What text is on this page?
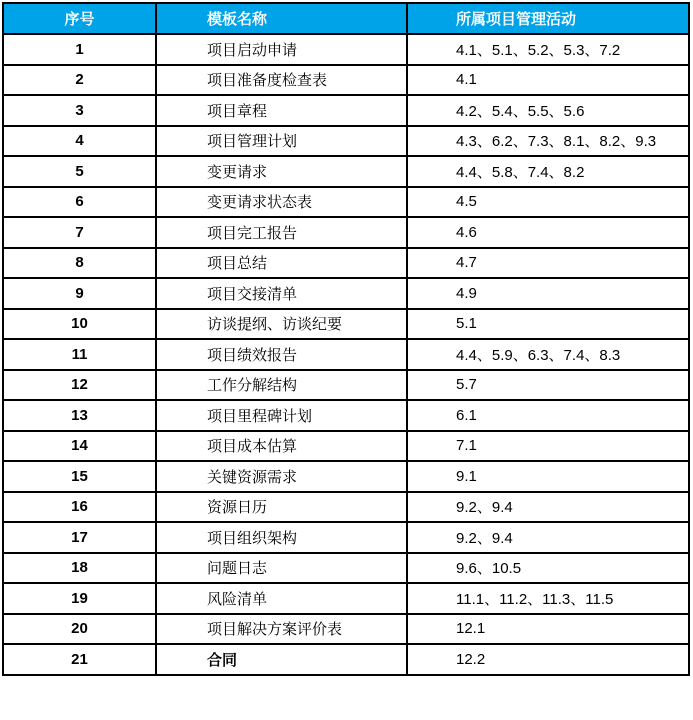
序号	模板名称	所属项目管理活动
1	项目启动申请	4.1、5.1、5.2、5.3、7.2
2	项目准备度检查表	4.1
3	项目章程	4.2、5.4、5.5、5.6
4	项目管理计划	4.3、6.2、7.3、8.1、8.2、9.3
5	变更请求	4.4、5.8、7.4、8.2
6	变更请求状态表	4.5
7	项目完工报告	4.6
8	项目总结	4.7
9	项目交接清单	4.9
10	访谈提纲、访谈纪要	5.1
11	项目绩效报告	4.4、5.9、6.3、7.4、8.3
12	工作分解结构	5.7
13	项目里程碑计划	6.1
14	项目成本估算	7.1
15	关键资源需求	9.1
16	资源日历	9.2、9.4
17	项目组织架构	9.2、9.4
18	问题日志	9.6、10.5
19	风险清单	11.1、11.2、11.3、11.5
20	项目解决方案评价表	12.1
21	合同	12.2
